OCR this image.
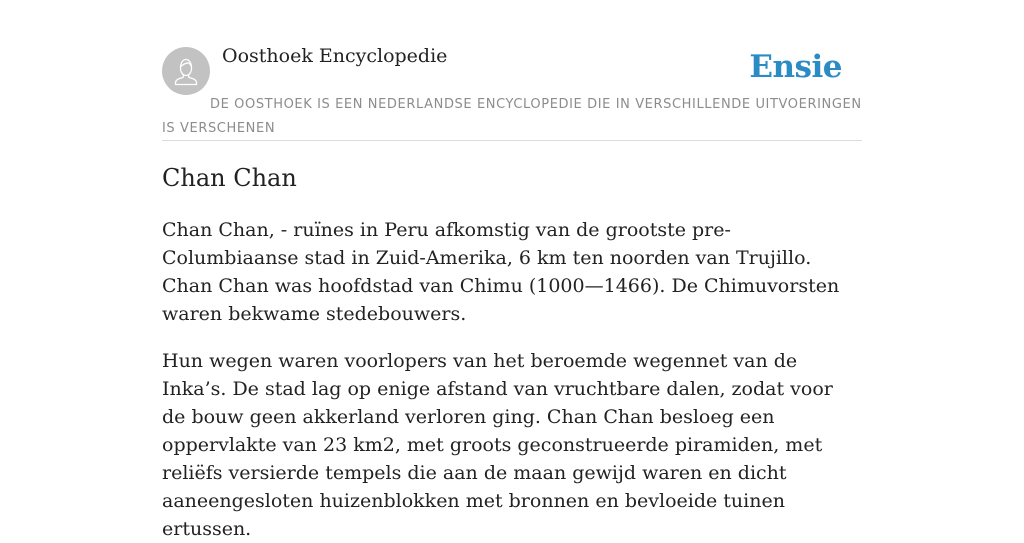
Oosthoek Encyclopedie	Ensie
DE OOSTHOEK IS EEN NEDERLANDSE ENCYCLOPEDIE DIE IN VERSCHILLENDE UITVOERINGEN IS VERSCHENEN
Chan Chan

Chan Chan, - ruïnes in Peru afkomstig van de grootste pre-Columbiaanse stad in Zuid-Amerika, 6 km ten noorden van Trujillo. Chan Chan was hoofdstad van Chimu (1000—1466). De Chimuvorsten waren bekwame stedebouwers.

Hun wegen waren voorlopers van het beroemde wegennet van de Inka’s. De stad lag op enige afstand van vruchtbare dalen, zodat voor de bouw geen akkerland verloren ging. Chan Chan besloeg een oppervlakte van 23 km2, met groots geconstrueerde piramiden, met reliëfs versierde tempels die aan de maan gewijd waren en dicht aaneengesloten huizenblokken met bronnen en bevloeide tuinen ertussen.
